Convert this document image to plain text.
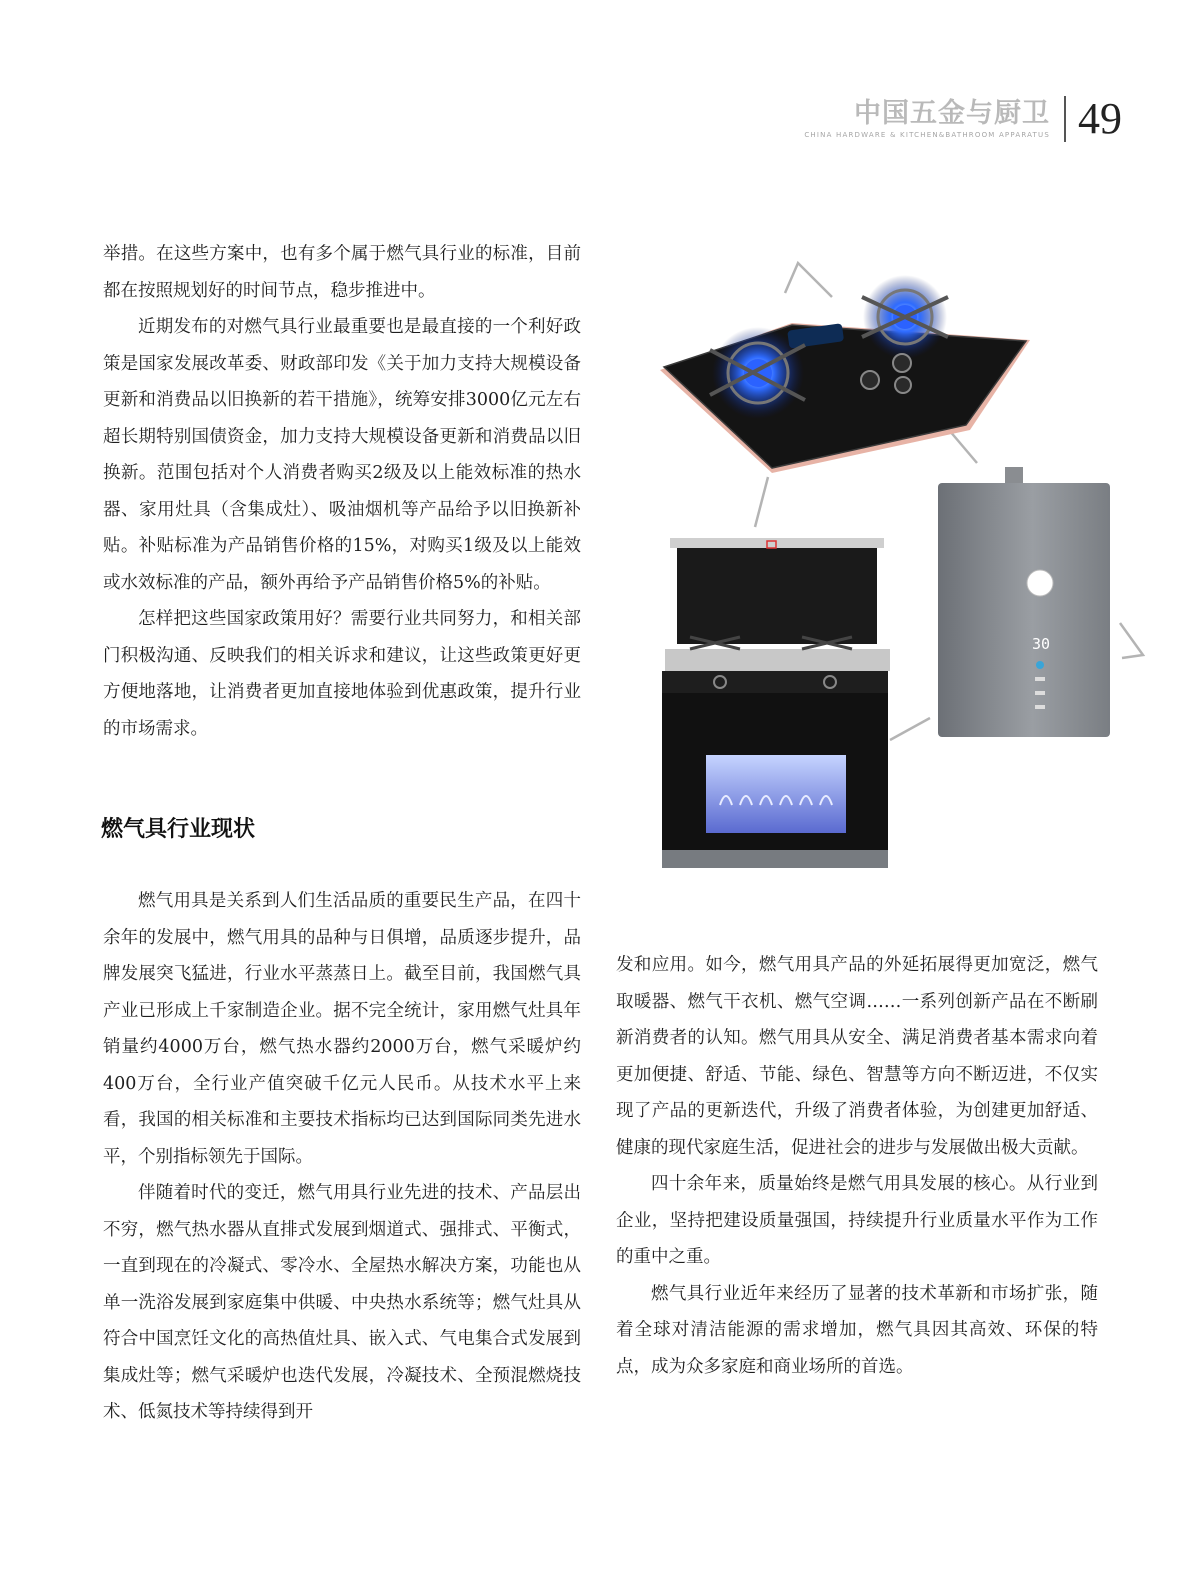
中国五金与厨卫
CHINA HARDWARE & KITCHEN&BATHROOM APPARATUS 49

举措。在这些方案中，也有多个属于燃气具行业的标准，目前都在按照规划好的时间节点，稳步推进中。

近期发布的对燃气具行业最重要也是最直接的一个利好政策是国家发展改革委、财政部印发《关于加力支持大规模设备更新和消费品以旧换新的若干措施》，统筹安排3000亿元左右超长期特别国债资金，加力支持大规模设备更新和消费品以旧换新。范围包括对个人消费者购买2级及以上能效标准的热水器、家用灶具（含集成灶）、吸油烟机等产品给予以旧换新补贴。补贴标准为产品销售价格的15%，对购买1级及以上能效或水效标准的产品，额外再给予产品销售价格5%的补贴。

怎样把这些国家政策用好？需要行业共同努力，和相关部门积极沟通、反映我们的相关诉求和建议，让这些政策更好更方便地落地，让消费者更加直接地体验到优惠政策，提升行业的市场需求。

燃气具行业现状

燃气用具是关系到人们生活品质的重要民生产品，在四十余年的发展中，燃气用具的品种与日俱增，品质逐步提升，品牌发展突飞猛进，行业水平蒸蒸日上。截至目前，我国燃气具产业已形成上千家制造企业。据不完全统计，家用燃气灶具年销量约4000万台，燃气热水器约2000万台，燃气采暖炉约400万台，全行业产值突破千亿元人民币。从技术水平上来看，我国的相关标准和主要技术指标均已达到国际同类先进水平，个别指标领先于国际。

伴随着时代的变迁，燃气用具行业先进的技术、产品层出不穷，燃气热水器从直排式发展到烟道式、强排式、平衡式，一直到现在的冷凝式、零冷水、全屋热水解决方案，功能也从单一洗浴发展到家庭集中供暖、中央热水系统等；燃气灶具从符合中国烹饪文化的高热值灶具、嵌入式、气电集合式发展到集成灶等；燃气采暖炉也迭代发展，冷凝技术、全预混燃烧技术、低氮技术等持续得到开

发和应用。如今，燃气用具产品的外延拓展得更加宽泛，燃气取暖器、燃气干衣机、燃气空调……一系列创新产品在不断刷新消费者的认知。燃气用具从安全、满足消费者基本需求向着更加便捷、舒适、节能、绿色、智慧等方向不断迈进，不仅实现了产品的更新迭代，升级了消费者体验，为创建更加舒适、健康的现代家庭生活，促进社会的进步与发展做出极大贡献。

四十余年来，质量始终是燃气用具发展的核心。从行业到企业，坚持把建设质量强国，持续提升行业质量水平作为工作的重中之重。

燃气具行业近年来经历了显著的技术革新和市场扩张，随着全球对清洁能源的需求增加，燃气具因其高效、环保的特点，成为众多家庭和商业场所的首选。

30
